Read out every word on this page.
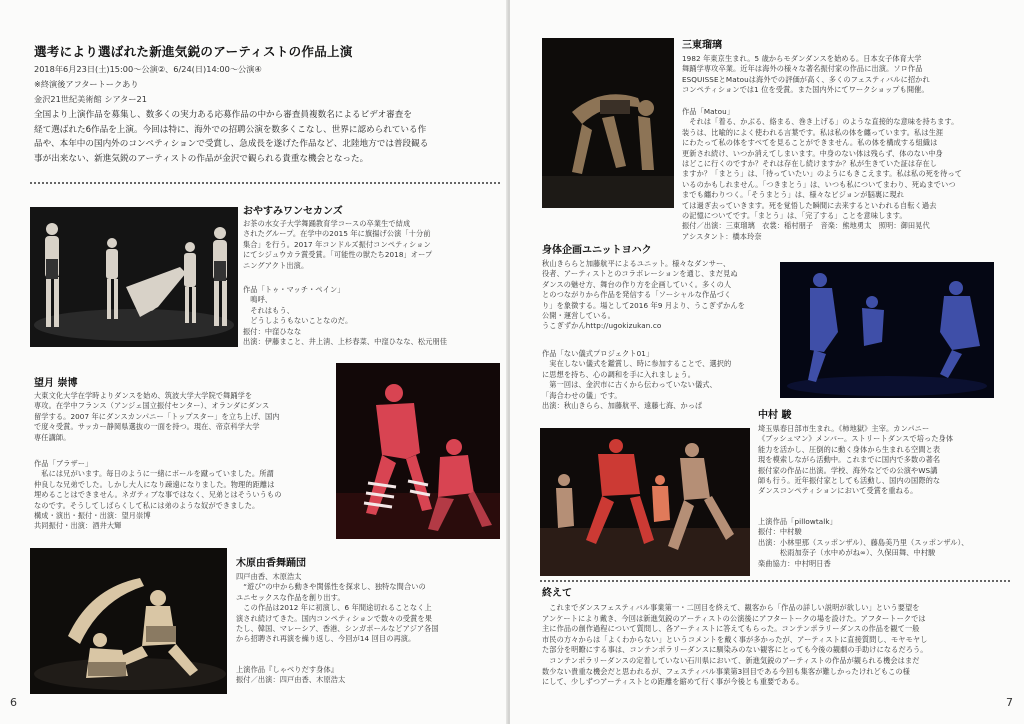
選考により選ばれた新進気鋭のアーティストの作品上演
2018年6月23日(土)15:00～公演②、6/24(日)14:00～公演④
※終演後アフタートークあり
金沢21世紀美術館 シアター21

全国より上演作品を募集し、数多くの実力ある応募作品の中から審査員複数名によるビデオ審査を

経て選ばれた6作品を上演。今回は特に、海外での招聘公演を数多くこなし、世界に認められている作

品や、本年中の国内外のコンペティションで受賞し、急成長を遂げた作品など、北陸地方では普段観る

事が出来ない、新進気鋭のアーティストの作品が金沢で観られる貴重な機会となった。

おやすみワンセカンズ

お茶の水女子大学舞踊教育学コースの卒業生で結成

されたグループ。在学中の2015 年に旗揚げ公演「十分前

集合」を行う。2017 年コンドルズ振付コンペティション

にてシジュウカラ賞受賞。「可能性の獣たち2018」オープ

ニングアクト出演。

作品「トゥ・マッチ・ペイン」

　鳴呼、

　それはもう、

　どうしようもないことなのだ。

振付：中窪ひなな

出演：伊藤まこと、井上淸、上杉春菜、中窪ひなな、松元朋佳

望月 崇博

大東文化大学在学時よりダンスを始め、筑波大学大学院で舞踊学を

専攻。在学中フランス（アンジェ国立振付センター）、オランダにダンス

留学する。2007 年にダンスカンパニー「トップスター」を立ち上げ、国内

で度々受賞。サッカー静岡県選抜の一面を持つ。現在、帝京科学大学

専任講師。

作品「ブラザー」

　私には兄がいます。毎日のように一緒にボールを蹴っていました。所謂

仲良しな兄弟でした。しかし大人になり疎遠になりました。物理的距離は

埋めることはできません。ネガティブな事ではなく、兄弟とはそういうもの

なのです。そうしてしばらくして私には弟のような奴ができました。

構成・演出・振付・出演：望月崇博

共同振付・出演：酒井大輝

木原由香舞踊団

四戸由香、木原浩太

　“遊び”の中から動きや関係性を探求し、独特な間合いの

ユニセックスな作品を創り出す。

　この作品は2012 年に初演し、6 年間途切れることなく上

演され続けてきた。国内コンペティションで数々の受賞を果

たし、韓国、マレーシア、香港、シンガポールなどアジア各国

から招聘され再演を繰り返し、今回が14 回目の再演。

上演作品『しゃべりだす身体』

振付／出演：四戸由香、木原浩太

6
三東瑠璃

1982 年東京生まれ。5 歳からモダンダンスを始める。日本女子体育大学

舞踊学専攻卒業。近年は海外の様々な著名振付家の作品に出演。ソロ作品

ESQUISSEとMatouは海外での評価が高く、多くのフェスティバルに招かれ

コンペティションでは1 位を受賞。また国内外にてワークショップも開催。

作品「Matou」

　それは「着る、かぶる、絡まる、巻き上げる」のような直接的な意味を持ちます。

装うは、比喩的によく使われる言葉です。私は私の体を纏っています。私は生涯

にわたって私の体をすべてを見ることができません。私の体を構成する組織は

更新され続け、いつか消えてしまいます。中身のない体は残らず、体のない中身

はどこに行くのですか？それは存在し続けますか？私が生きていた証は存在し

ますか？「まとう」は、「待っていたい」のようにもきこえます。私は私の死を待って

いるのかもしれません。「つきまとう」は、いつも私についてまわり、死ぬまでいつ

までも纏わりつく。「そうまとう」は、様々なビジョンが脳裏に現れ

ては過ぎ去っていきます。死を覚悟した瞬間に去来するといわれる自転く過去

の記憶についてです。「まとう」は、「完了する」ことを意味します。

振付／出演：三東瑠璃　衣裳：稲村朋子　音楽：熊地勇太　照明：御田晃代

アシスタント：橋本玲奈

身体企画ユニットヨハク

秋山きららと加藤航平によるユニット。様々なダンサー、

役者、アーティストとのコラボレーションを通じ、まだ見ぬ

ダンスの魅せ方、舞台の作り方を企画していく。多くの人

とのつながりから作品を発信する「ソーシャルな作品づく

り」を象徴する。場として2016 年9 月より、うこぎずかんを

公開・運営している。

うこぎずかんhttp://ugokizukan.co

作品「ない儀式プロジェクト01」

　実在しない儀式を鑑賞し、時に参加することで、選択的

に思想を持ち、心の調和を手に入れましょう。

　第一回は、金沢市に古くから伝わっていない儀式、

「海合わせの儀」です。

出演：秋山きらら、加藤航平、遠藤七海、かっぱ

中村 駿

埼玉県春日部市生まれ。《柿地獄》主宰。カンパニー

《ブッシュマン》メンバー。ストリートダンスで培った身体

能力を活かし、圧倒的に動く身体から生まれる空間と表

現を模索しながら活動中。これまでに国内で多数の著名

振付家の作品に出演。学校、海外などでの公演やWS講

師も行う。近年振付家としても活動し、国内の国際的な

ダンスコンペティションにおいて受賞を重ねる。

上演作品「pillowtalk」

振付：中村駿

出演：小林里那（スッポンザル）、藤島美乃里（スッポンザル）、

　　　松雨加奈子（水中めがね∞）、久保田舞、中村駿

楽曲協力：中村明日香

終えて

　これまでダンスフェスティバル事業第一・二回目を終えて、観客から「作品の詳しい説明が欲しい」という要望を

アンケートにより戴き、今回は新進気鋭のアーティストの公演後にアフタートークの場を設けた。アフタートークでは

主に作品の創作過程について質問し、各アーティストに答えてもらった。コンテンポラリーダンスの作品を観て一般

市民の方々からは「よくわからない」というコメントを戴く事が多かったが、アーティストに直接質問し、モヤモヤし

た部分を明瞭にする事は、コンテンポラリーダンスに馴染みのない観客にとっても今後の観劇の手助けになるだろう。

　コンテンポラリーダンスの定着していない石川県において、新進気鋭のアーティストの作品が観られる機会はまだ

数少ない貴重な機会だと思われるが、フェスティバル事業第3回目である今回も集客が難しかったけれどもこの様

にして、少しずつアーティストとの距離を縮めて行く事が今後とも重要である。

7
